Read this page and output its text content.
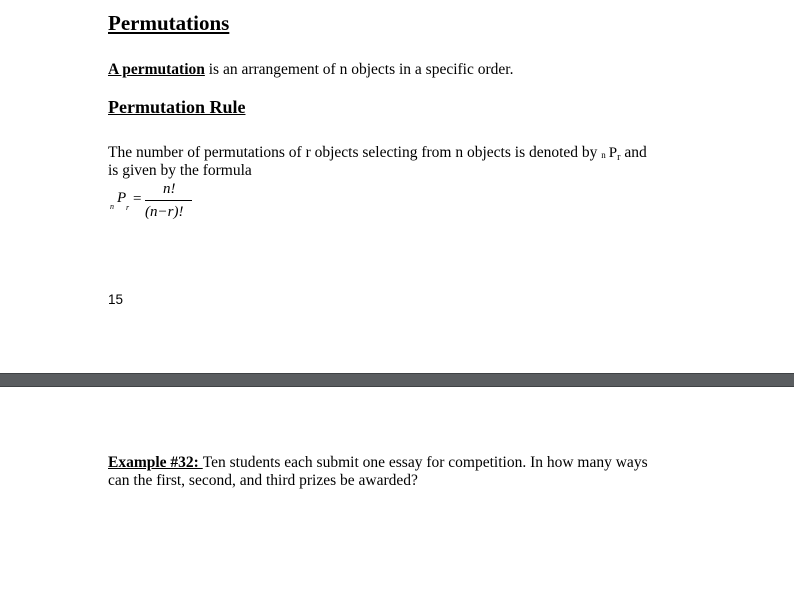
Permutations
A permutation is an arrangement of n objects in a specific order.
Permutation Rule
The number of permutations of r objects selecting from n objects is denoted by n $P_r$ and
is given by the formula
n
P
r
=
n!
(n−r)!
15
Example #32: Ten students each submit one essay for competition. In how many ways
can the first, second, and third prizes be awarded?
